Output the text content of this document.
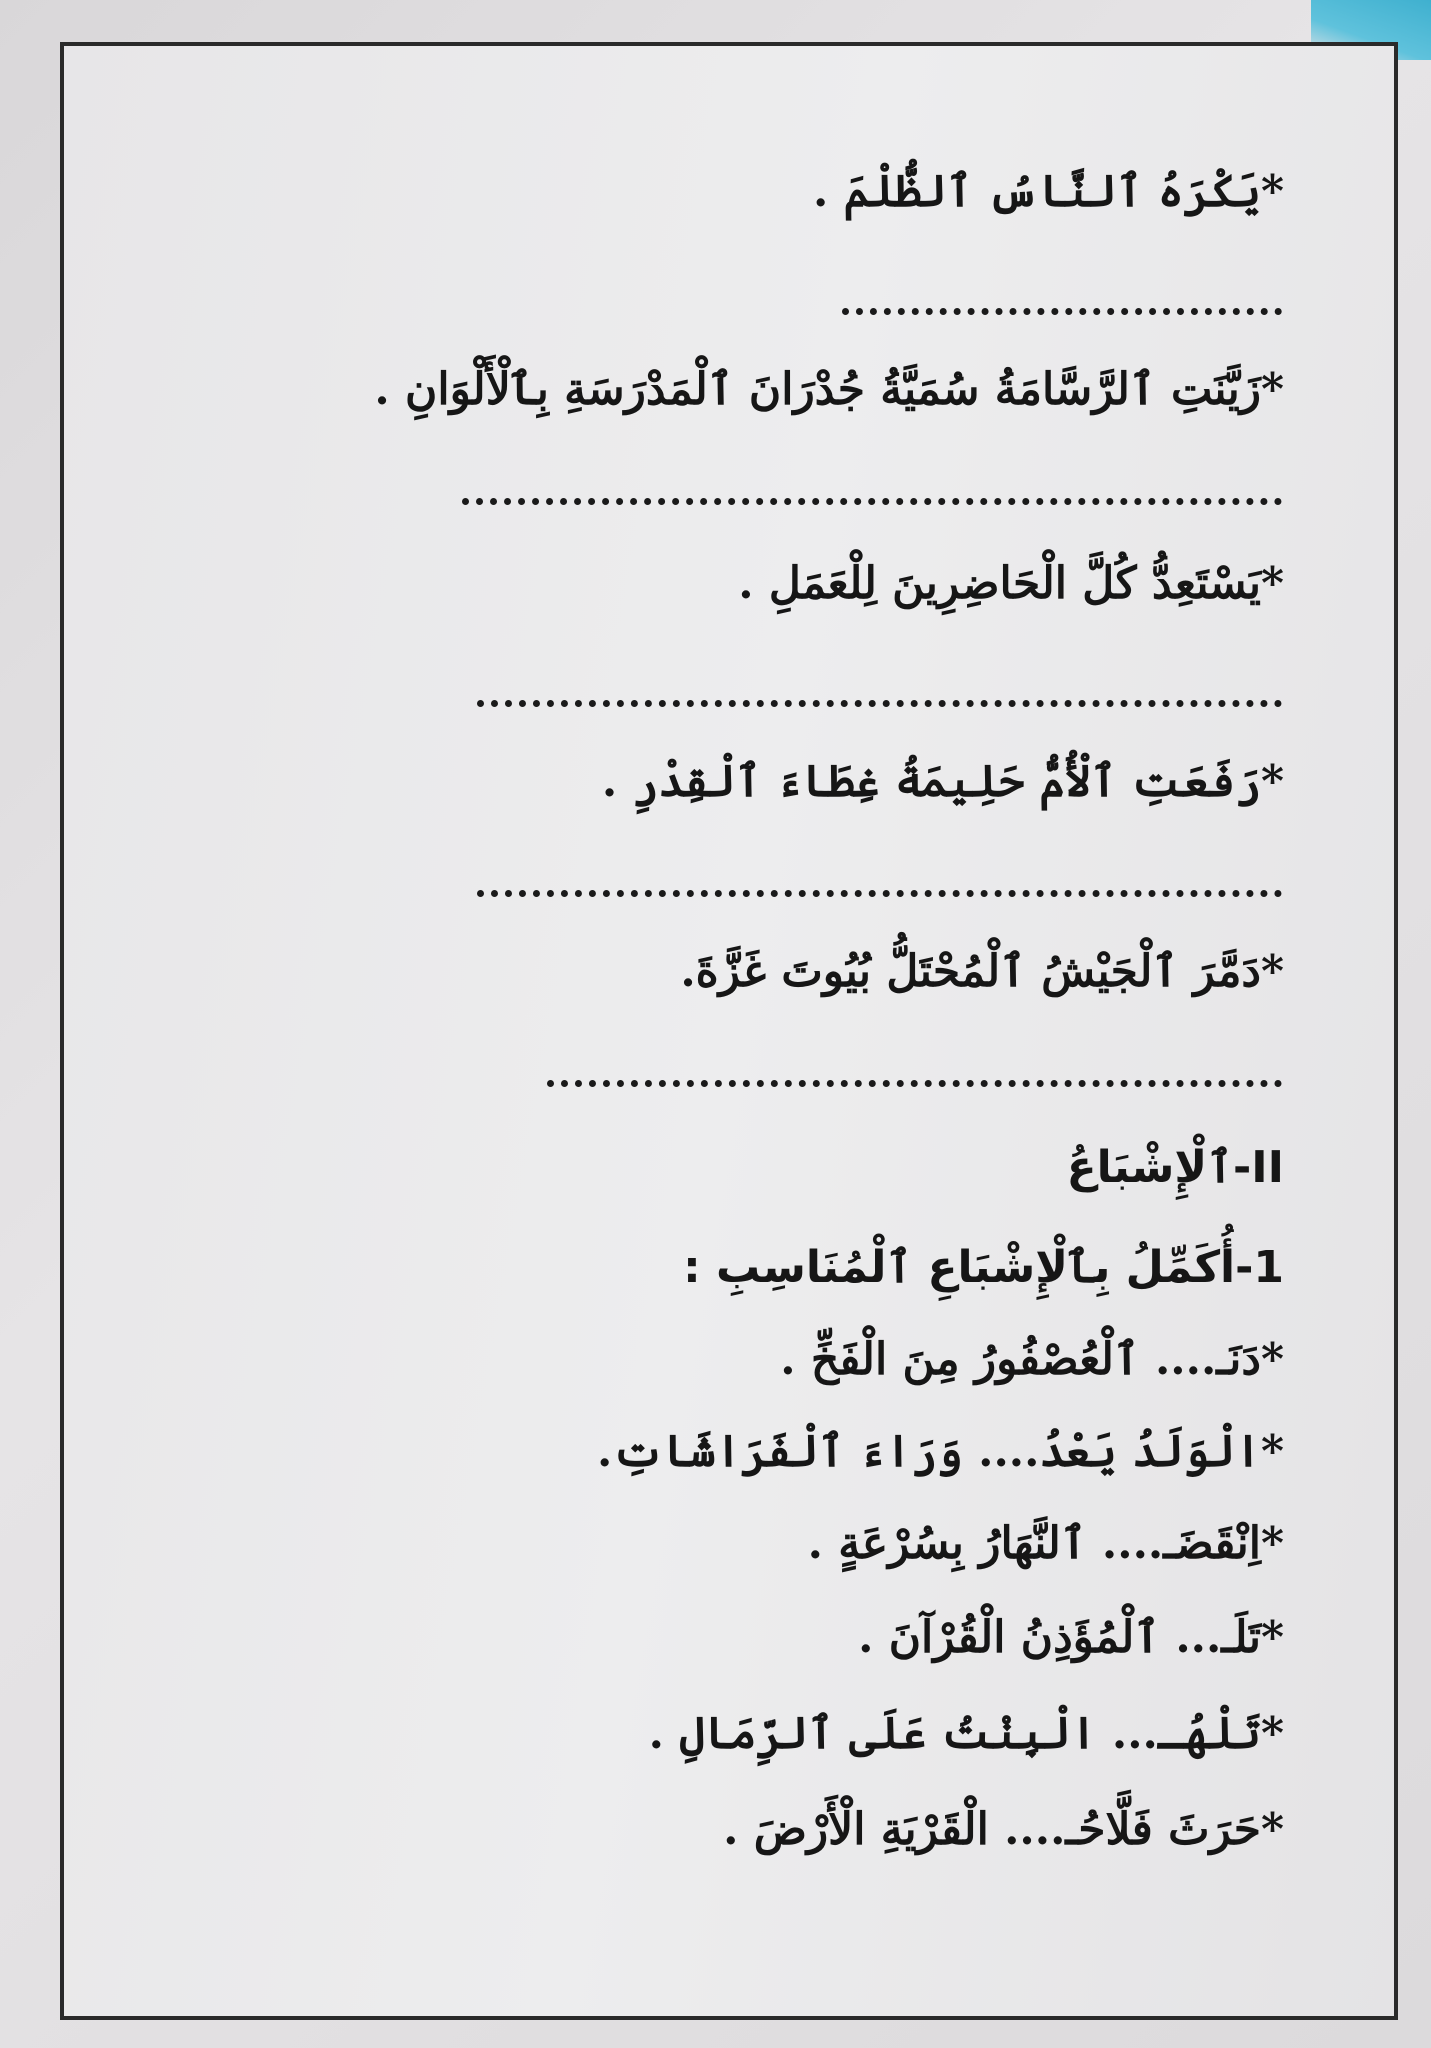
*يَكْرَهُ ٱلنَّاسُ ٱلظُّلْمَ .
*زَيَّنَتِ ٱلرَّسَّامَةُ سُمَيَّةُ جُدْرَانَ ٱلْمَدْرَسَةِ بِٱلْأَلْوَانِ .
*يَسْتَعِدُّ كُلَّ الْحَاضِرِينَ لِلْعَمَلِ .
*رَفَعَتِ ٱلْأُمُّ حَلِيمَةُ غِطَاءَ ٱلْقِدْرِ .
*دَمَّرَ ٱلْجَيْشُ ٱلْمُحْتَلُّ بُيُوتَ غَزَّةَ.
II-ٱلْإِشْبَاعُ
1-أُكَمِّلُ بِٱلْإِشْبَاعِ ٱلْمُنَاسِبِ :
*دَنَـ.... ٱلْعُصْفُورُ مِنَ الْفَخِّ .
*الْوَلَدُ يَعْدُ.... وَرَاءَ ٱلْفَرَاشَاتِ.
*اِنْقَضَـ.... ٱلنَّهَارُ بِسُرْعَةٍ .
*تَلَـ... ٱلْمُؤَذِنُ الْقُرْآنَ .
*تَلْهُـ... الْبِنْتُ عَلَى ٱلرِّمَالِ .
*حَرَثَ فَلَّاحُـ.... الْقَرْيَةِ الْأَرْضَ .
